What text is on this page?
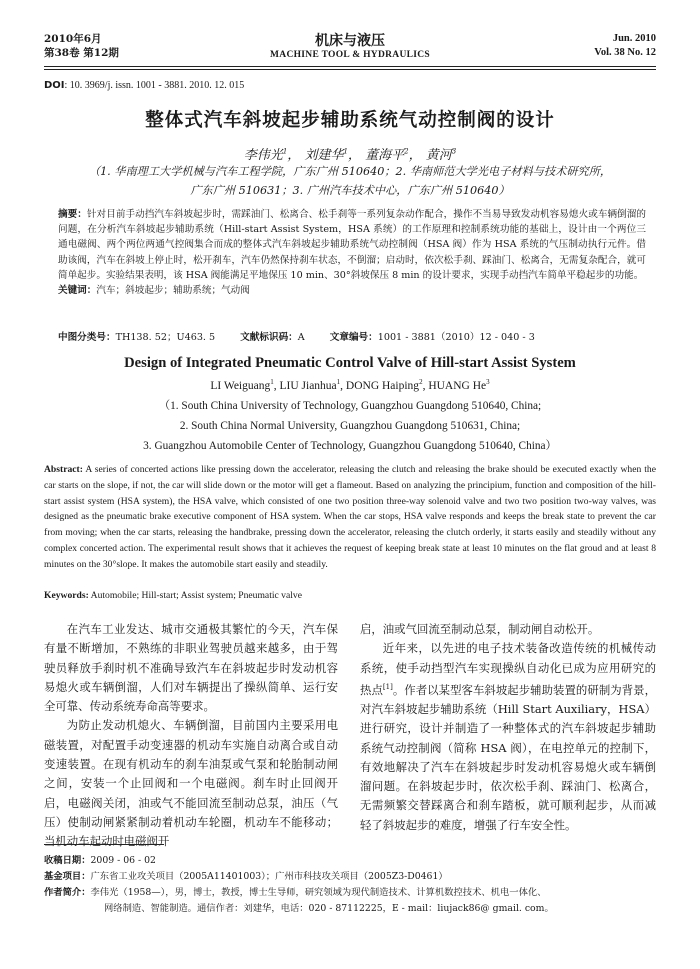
2010年6月
第38卷 第12期
机床与液压
MACHINE TOOL & HYDRAULICS
Jun. 2010
Vol. 38 No. 12
DOI: 10. 3969/j. issn. 1001 - 3881. 2010. 12. 015
整体式汽车斜坡起步辅助系统气动控制阀的设计
李伟光$^1$， 刘建华$^1$， 董海平$^2$， 黄河$^3$
（1. 华南理工大学机械与汽车工程学院，广东广州 510640；2. 华南师范大学光电子材料与技术研究所，
广东广州 510631；3. 广州汽车技术中心，广东广州 510640）
摘要：针对目前手动挡汽车斜坡起步时，需踩油门、松离合、松手刹等一系列复杂动作配合，操作不当易导致发动机容易熄火或车辆倒溜的问题，在分析汽车斜坡起步辅助系统（Hill-start Assist System，HSA 系统）的工作原理和控制系统功能的基础上，设计由一个两位三通电磁阀、两个两位两通气控阀集合而成的整体式汽车斜坡起步辅助系统气动控制阀（HSA 阀）作为 HSA 系统的气压制动执行元件。借助该阀，汽车在斜坡上停止时，松开刹车，汽车仍然保持刹车状态，不倒溜；启动时，依次松手刹、踩油门、松离合，无需复杂配合，就可简单起步。实验结果表明，该 HSA 阀能满足平地保压 10 min、30°斜坡保压 8 min 的设计要求，实现手动挡汽车简单平稳起步的功能。
关键词：汽车；斜坡起步；辅助系统；气动阀
中图分类号：TH138. 52；U463. 5	文献标识码：A	文章编号：1001 - 3881（2010）12 - 040 - 3
Design of Integrated Pneumatic Control Valve of Hill-start Assist System
LI Weiguang$^1$, LIU Jianhua$^1$, DONG Haiping$^2$, HUANG He$^3$
（1. South China University of Technology, Guangzhou Guangdong 510640, China;
2. South China Normal University, Guangzhou Guangdong 510631, China;
3. Guangzhou Automobile Center of Technology, Guangzhou Guangdong 510640, China）
Abstract: A series of concerted actions like pressing down the accelerator, releasing the clutch and releasing the brake should be executed exactly when the car starts on the slope, if not, the car will slide down or the motor will get a flameout. Based on analyzing the principium, function and composition of the hill-start assist system (HSA system), the HSA valve, which consisted of one two position three-way solenoid valve and two two position two-way valves, was designed as the pneumatic brake executive component of HSA system. When the car stops, HSA valve responds and keeps the break state to prevent the car from moving; when the car starts, releasing the handbrake, pressing down the accelerator, releasing the clutch orderly, it starts easily and steadily without any complex concerted action. The experimental result shows that it achieves the request of keeping break state at least 10 minutes on the flat groud and at least 8 minutes on the 30°slope. It makes the automobile start easily and steadily.
Keywords: Automobile; Hill-start; Assist system; Pneumatic valve

在汽车工业发达、城市交通极其繁忙的今天，汽车保有量不断增加，不熟练的非职业驾驶员越来越多，由于驾驶员释放手刹时机不准确导致汽车在斜坡起步时发动机容易熄火或车辆倒溜，人们对车辆提出了操纵简单、运行安全可靠、传动系统寿命高等要求。

为防止发动机熄火、车辆倒溜，目前国内主要采用电磁装置，对配置手动变速器的机动车实施自动离合或自动变速装置。在现有机动车的刹车油泵或气泵和轮胎制动闸之间，安装一个止回阀和一个电磁阀。刹车时止回阀开启，电磁阀关闭，油或气不能回流至制动总泵，油压（气压）使制动闸紧紧制动着机动车轮圈，机动车不能移动；当机动车起动时电磁阀开

启，油或气回流至制动总泵，制动闸自动松开。

近年来，以先进的电子技术装备改造传统的机械传动系统，使手动挡型汽车实现操纵自动化已成为应用研究的热点[1]。作者以某型客车斜坡起步辅助装置的研制为背景，对汽车斜坡起步辅助系统（Hill Start Auxiliary，HSA）进行研究，设计并制造了一种整体式的汽车斜坡起步辅助系统气动控制阀（简称 HSA 阀），在电控单元的控制下，有效地解决了汽车在斜坡起步时发动机容易熄火或车辆倒溜问题。在斜坡起步时，依次松手刹、踩油门、松离合，无需频繁交替踩离合和刹车踏板，就可顺利起步，从而减轻了斜坡起步的难度，增强了行车安全性。

收稿日期：2009 - 06 - 02
基金项目：广东省工业攻关项目（2005A11401003）；广州市科技攻关项目（2005Z3-D0461）
作者简介：李伟光（1958—），男，博士，教授，博士生导师，研究领域为现代制造技术、计算机数控技术、机电一体化、
网络制造、智能制造。通信作者：刘建华，电话：020 - 87112225，E - mail：liujack86@ gmail. com。
